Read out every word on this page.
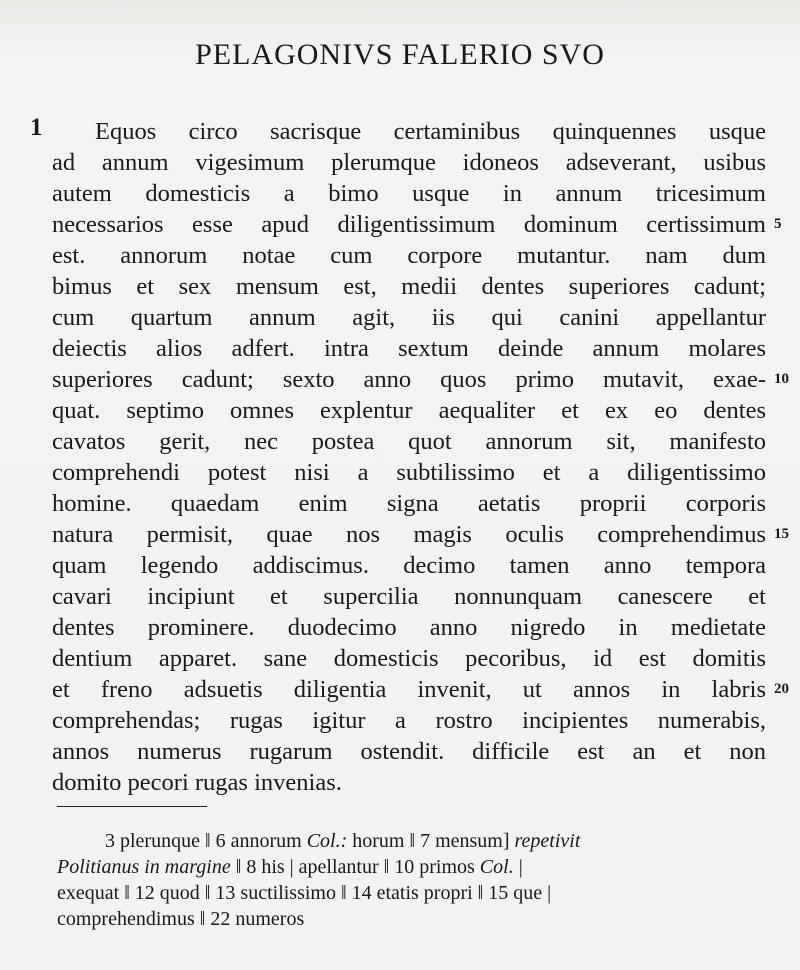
PELAGONIVS FALERIO SVO
1 Equos circo sacrisque certaminibus quinquennes usque
ad annum vigesimum plerumque idoneos adseverant, usibus
autem domesticis a bimo usque in annum tricesimum
necessarios esse apud diligentissimum dominum certissimum
est. annorum notae cum corpore mutantur. nam dum
bimus et sex mensum est, medii dentes superiores cadunt;
cum quartum annum agit, iis qui canini appellantur
deiectis alios adfert. intra sextum deinde annum molares
superiores cadunt; sexto anno quos primo mutavit, exae-
quat. septimo omnes explentur aequaliter et ex eo dentes
cavatos gerit, nec postea quot annorum sit, manifesto
comprehendi potest nisi a subtilissimo et a diligentissimo
homine. quaedam enim signa aetatis proprii corporis
natura permisit, quae nos magis oculis comprehendimus
quam legendo addiscimus. decimo tamen anno tempora
cavari incipiunt et supercilia nonnunquam canescere et
dentes prominere. duodecimo anno nigredo in medietate
dentium apparet. sane domesticis pecoribus, id est domitis
et freno adsuetis diligentia invenit, ut annos in labris
comprehendas; rugas igitur a rostro incipientes numerabis,
annos numerus rugarum ostendit. difficile est an et non
domito pecori rugas invenias.
5
10
15
20
3 plerunque ‖ 6 annorum Col.: horum ‖ 7 mensum] repetivit
Politianus in margine ‖ 8 his | apellantur ‖ 10 primos Col. |
exequat ‖ 12 quod ‖ 13 suctilissimo ‖ 14 etatis propri ‖ 15 que |
comprehendimus ‖ 22 numeros
